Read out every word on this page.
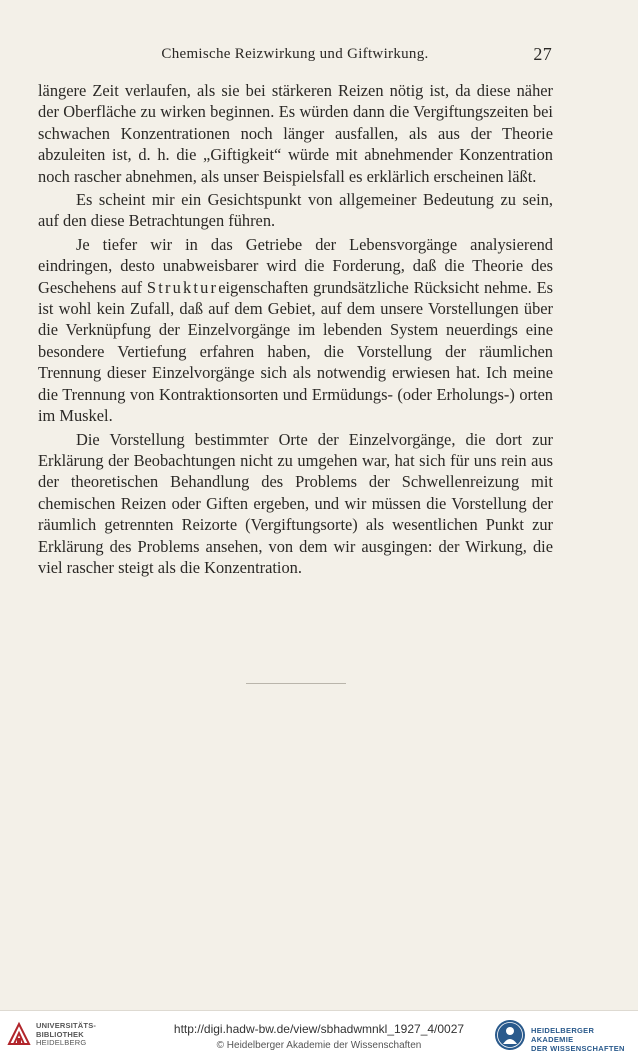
Chemische Reizwirkung und Giftwirkung.	27

längere Zeit verlaufen, als sie bei stärkeren Reizen nötig ist, da diese näher der Oberfläche zu wirken beginnen. Es würden dann die Vergiftungszeiten bei schwachen Konzentrationen noch länger ausfallen, als aus der Theorie abzuleiten ist, d. h. die „Giftigkeit“ würde mit abnehmender Konzentration noch rascher abnehmen, als unser Beispielsfall es erklärlich erscheinen läßt.

Es scheint mir ein Gesichtspunkt von allgemeiner Bedeutung zu sein, auf den diese Betrachtungen führen.

Je tiefer wir in das Getriebe der Lebensvorgänge analysierend eindringen, desto unabweisbarer wird die Forderung, daß die Theorie des Geschehens auf Struktureigenschaften grundsätzliche Rücksicht nehme. Es ist wohl kein Zufall, daß auf dem Gebiet, auf dem unsere Vorstellungen über die Verknüpfung der Einzelvorgänge im lebenden System neuerdings eine besondere Vertiefung erfahren haben, die Vorstellung der räumlichen Trennung dieser Einzelvorgänge sich als notwendig erwiesen hat. Ich meine die Trennung von Kontraktionsorten und Ermüdungs- (oder Erholungs-) orten im Muskel.

Die Vorstellung bestimmter Orte der Einzelvorgänge, die dort zur Erklärung der Beobachtungen nicht zu umgehen war, hat sich für uns rein aus der theoretischen Behandlung des Problems der Schwellenreizung mit chemischen Reizen oder Giften ergeben, und wir müssen die Vorstellung der räumlich getrennten Reizorte (Vergiftungsorte) als wesentlichen Punkt zur Erklärung des Problems ansehen, von dem wir ausgingen: der Wirkung, die viel rascher steigt als die Konzentration.

UNIVERSITÄTS-
BIBLIOTHEK
HEIDELBERG
http://digi.hadw-bw.de/view/sbhadwmnkl_1927_4/0027
© Heidelberger Akademie der Wissenschaften
HEIDELBERGER AKADEMIE
DER WISSENSCHAFTEN
